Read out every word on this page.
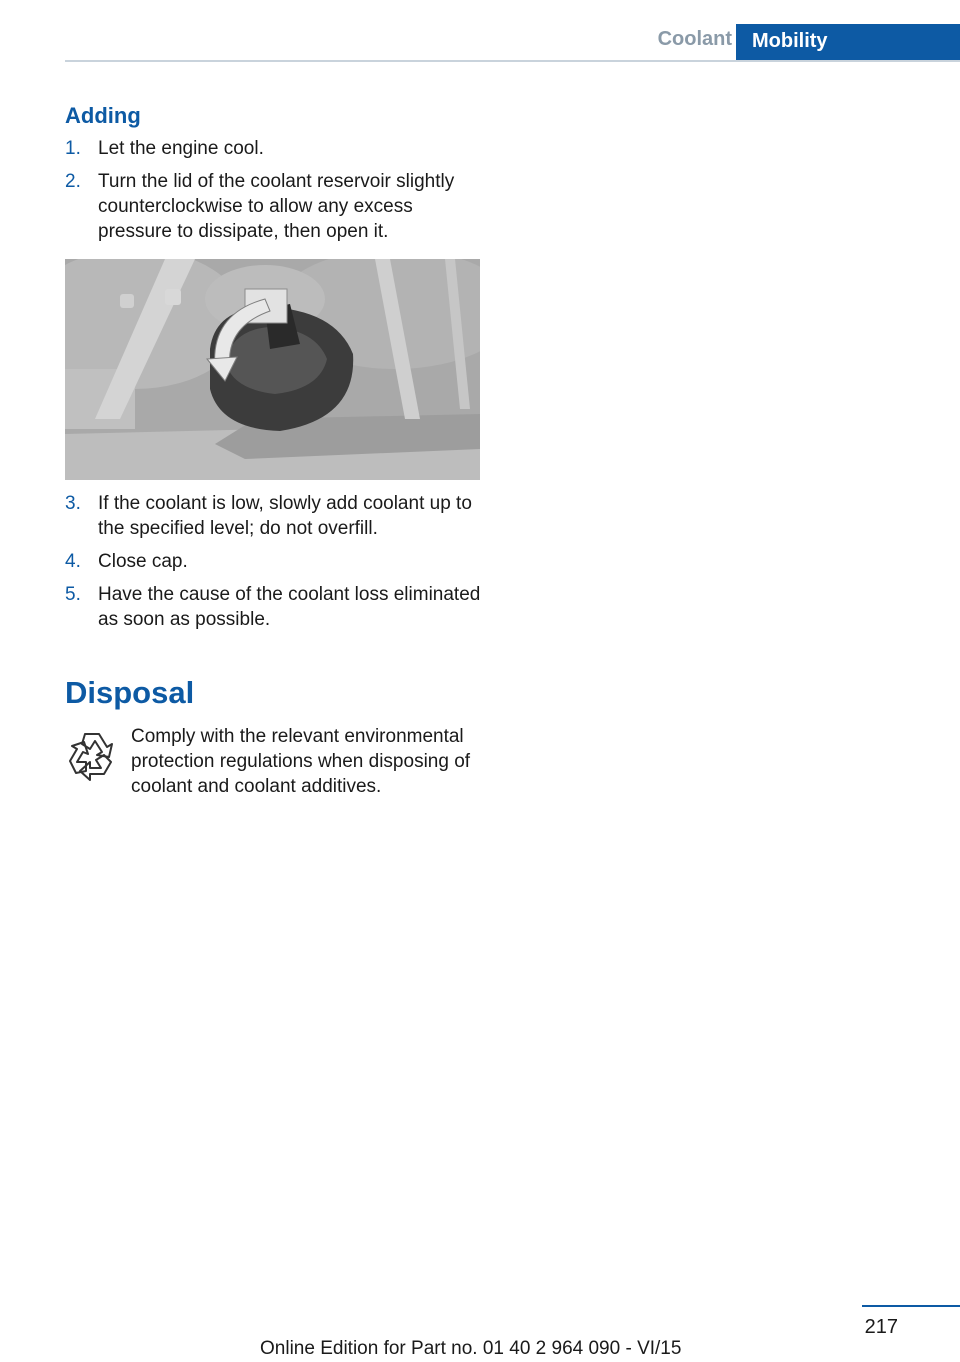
Coolant	Mobility
Adding
1. Let the engine cool.
2. Turn the lid of the coolant reservoir slightly counterclockwise to allow any excess pressure to dissipate, then open it.
3. If the coolant is low, slowly add coolant up to the specified level; do not overfill.
4. Close cap.
5. Have the cause of the coolant loss eliminated as soon as possible.
Disposal

Comply with the relevant environmental protection regulations when disposing of coolant and coolant additives.

217
Online Edition for Part no. 01 40 2 964 090 - VI/15
